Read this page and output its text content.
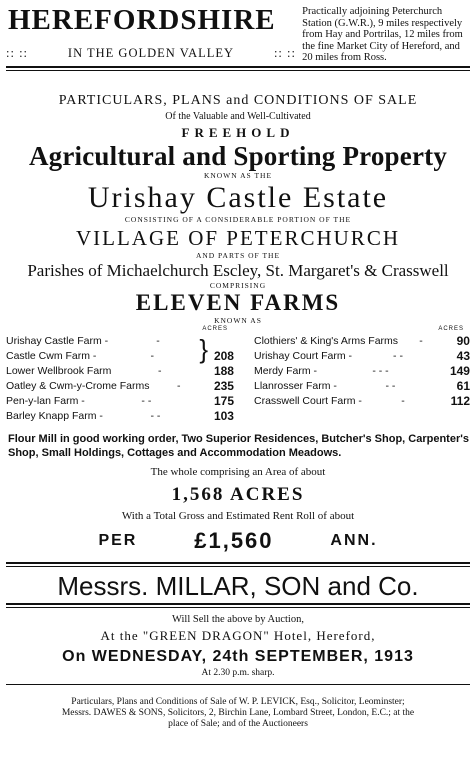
HEREFORDSHIRE
:: ::	IN THE GOLDEN VALLEY	:: ::
Practically adjoining Peterchurch Station (G.W.R.), 9 miles respectively from Hay and Portrilas, 12 miles from the fine Market City of Hereford, and 20 miles from Ross.
PARTICULARS, PLANS and CONDITIONS OF SALE
Of the Valuable and Well-Cultivated
FREEHOLD
Agricultural and Sporting Property
KNOWN AS THE
Urishay Castle Estate
CONSISTING OF A CONSIDERABLE PORTION OF THE
VILLAGE OF PETERCHURCH
AND PARTS OF THE
Parishes of Michaelchurch Escley, St. Margaret's & Crasswell
COMPRISING
ELEVEN FARMS
KNOWN AS
ACRES
}
Urishay Castle Farm -	-
Castle Cwm Farm -	-	208
Lower Wellbrook Farm	-	188
Oatley & Cwm-y-Crome Farms	-	235
Pen-y-lan Farm -	- -	175
Barley Knapp Farm -	- -	103
ACRES
Clothiers' & King's Arms Farms -	90
Urishay Court Farm -	- -	43
Merdy Farm -	- - -	149
Llanrosser Farm -	- -	61
Crasswell Court Farm -	-	112
Flour Mill in good working order, Two Superior Residences, Butcher's Shop, Carpenter's Shop, Small Holdings, Cottages and Accommodation Meadows.
The whole comprising an Area of about
1,568 ACRES
With a Total Gross and Estimated Rent Roll of about
PER	£1,560	ANN.
Messrs. MILLAR, SON and Co.
Will Sell the above by Auction,
At the "GREEN DRAGON" Hotel, Hereford,
On WEDNESDAY, 24th SEPTEMBER, 1913
At 2.30 p.m. sharp.
Particulars, Plans and Conditions of Sale of W. P. LEVICK, Esq., Solicitor, Leominster;
Messrs. DAWES & SONS, Solicitors, 2, Birchin Lane, Lombard Street, London, E.C.; at the
place of Sale; and of the Auctioneers
